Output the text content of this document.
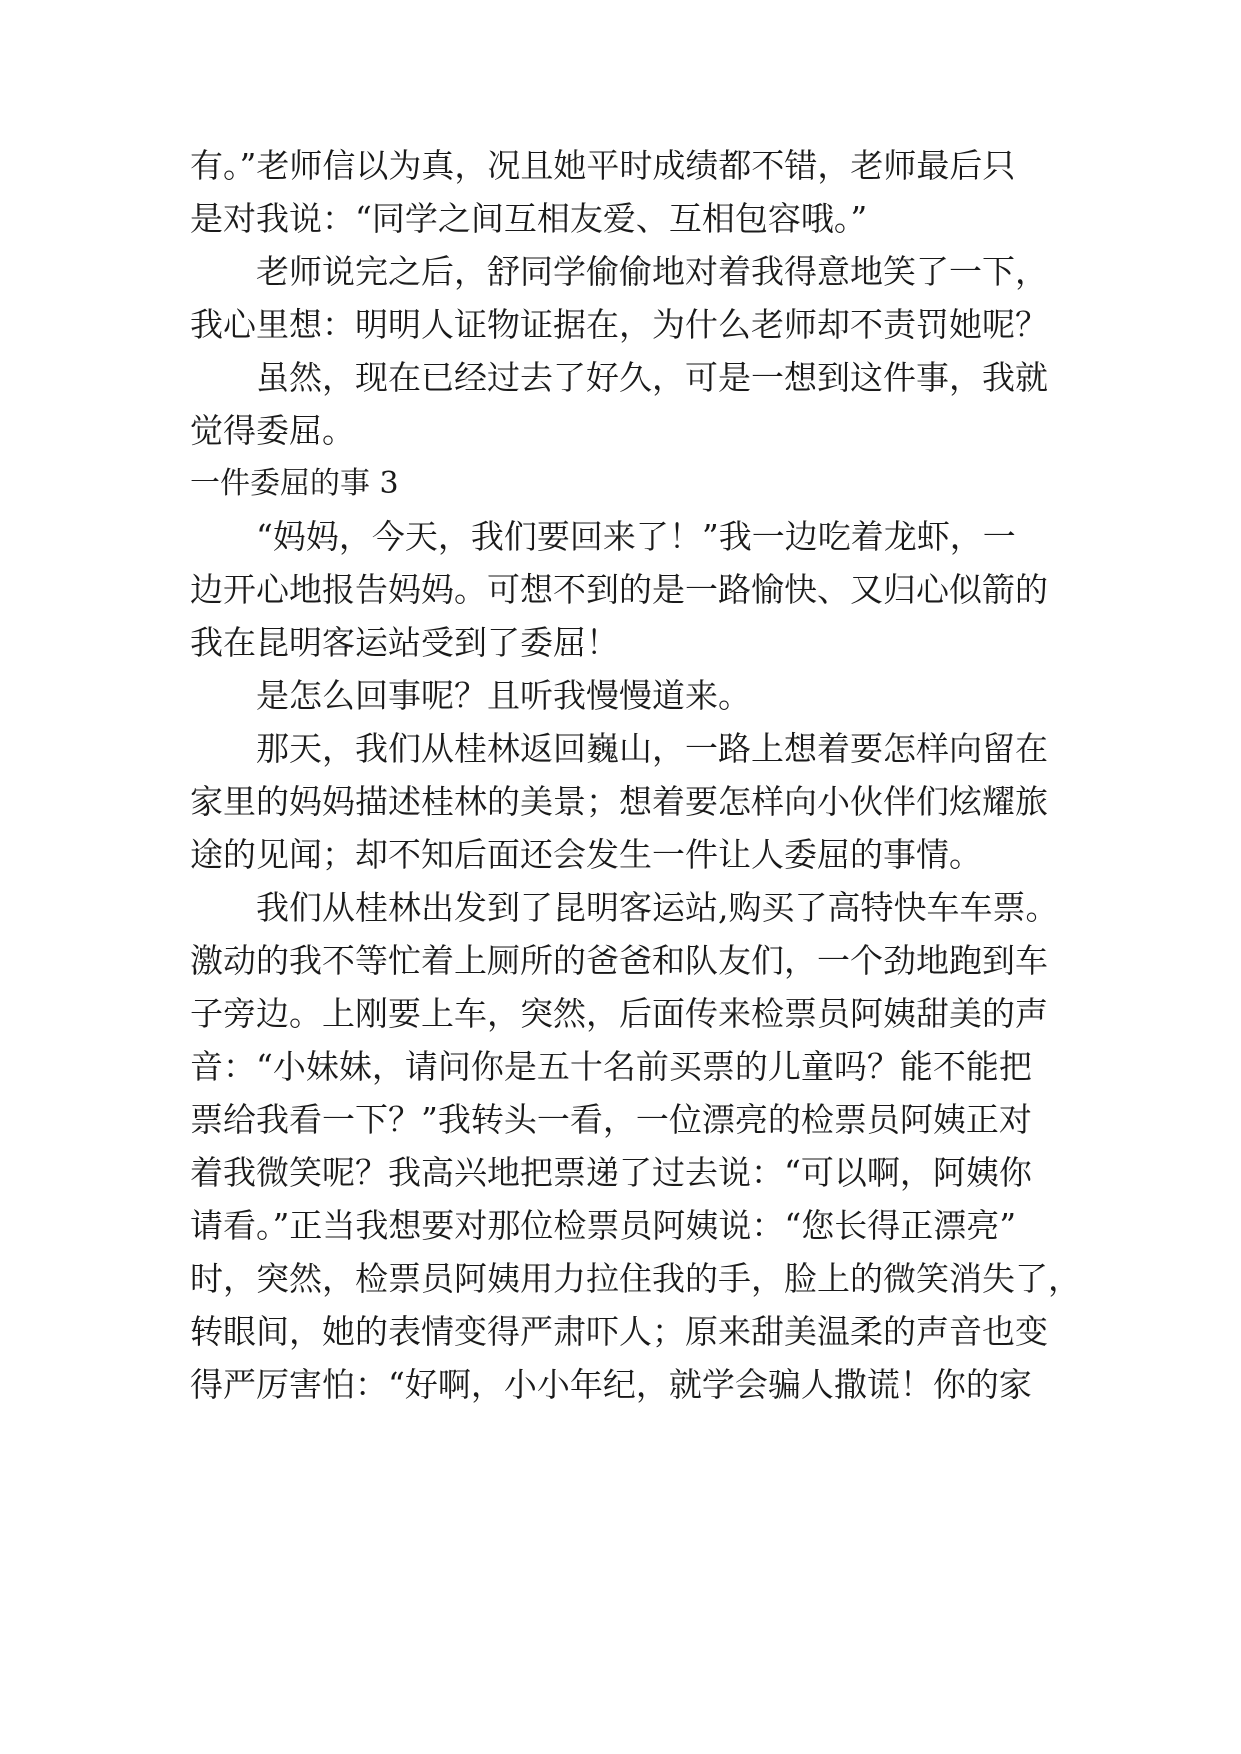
有。”老师信以为真，况且她平时成绩都不错，老师最后只
是对我说：“同学之间互相友爱、互相包容哦。”
老师说完之后，舒同学偷偷地对着我得意地笑了一下，
我心里想：明明人证物证据在，为什么老师却不责罚她呢？
虽然，现在已经过去了好久，可是一想到这件事，我就
觉得委屈。
一件委屈的事 3
“妈妈，今天，我们要回来了！”我一边吃着龙虾，一
边开心地报告妈妈。可想不到的是一路愉快、又归心似箭的
我在昆明客运站受到了委屈！
是怎么回事呢？且听我慢慢道来。
那天，我们从桂林返回巍山，一路上想着要怎样向留在
家里的妈妈描述桂林的美景；想着要怎样向小伙伴们炫耀旅
途的见闻；却不知后面还会发生一件让人委屈的事情。
我们从桂林出发到了昆明客运站,购买了高特快车车票。
激动的我不等忙着上厕所的爸爸和队友们，一个劲地跑到车
子旁边。上刚要上车，突然，后面传来检票员阿姨甜美的声
音：“小妹妹，请问你是五十名前买票的儿童吗？能不能把
票给我看一下？”我转头一看，一位漂亮的检票员阿姨正对
着我微笑呢？我高兴地把票递了过去说：“可以啊，阿姨你
请看。”正当我想要对那位检票员阿姨说：“您长得正漂亮”
时，突然，检票员阿姨用力拉住我的手，脸上的微笑消失了，
转眼间，她的表情变得严肃吓人；原来甜美温柔的声音也变
得严厉害怕：“好啊，小小年纪，就学会骗人撒谎！你的家
